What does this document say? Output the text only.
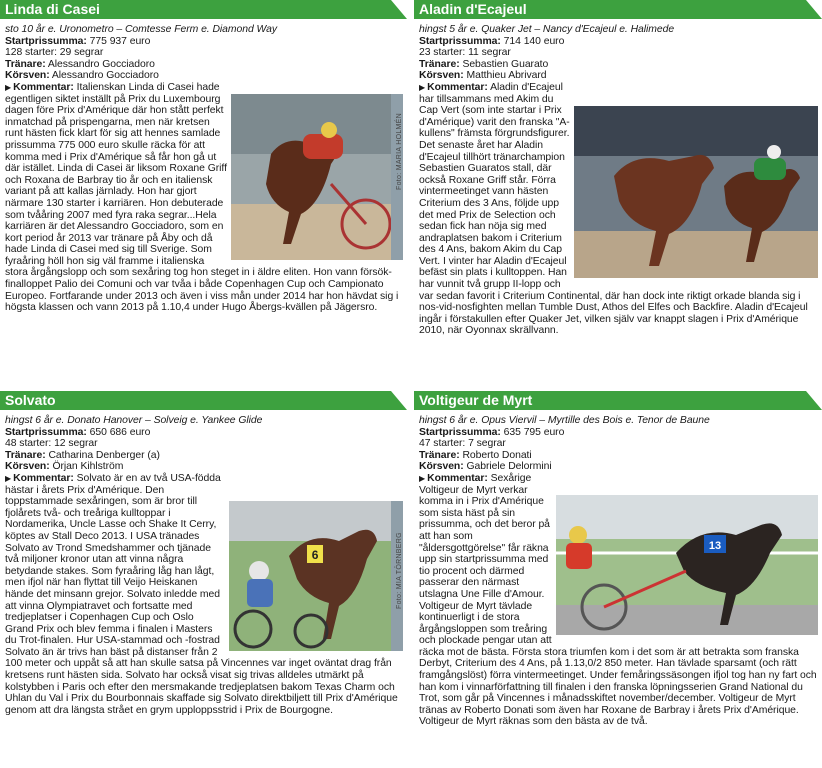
Linda di Casei

sto 10 år e. Uronometro – Comtesse Ferm e. Diamond Way

Startprissumma: 775 937 euro

128 starter: 29 segrar

Tränare: Alessandro Gocciadoro

Körsven: Alessandro Gocciadoro

Foto: MARIA HOLMÉN

▶ Kommentar: Italienskan Linda di Casei hade egentligen siktet inställt på Prix du Luxembourg dagen före Prix d'Amérique där hon stått perfekt inmatchad på prispengarna, men när kretsen runt hästen fick klart för sig att hennes samlade prissumma 775 000 euro skulle räcka för att komma med i Prix d'Amérique så får hon gå ut där istället. Linda di Casei är liksom Roxane Griff och Roxana de Barbray tio år och en italiensk variant på att kallas järnlady. Hon har gjort närmare 130 starter i karriären. Hon debuterade som tvååring 2007 med fyra raka segrar...Hela karriären är det Alessandro Gocciadoro, som en kort period år 2013 var tränare på Åby och då hade Linda di Casei med sig till Sverige. Som fyraåring höll hon sig väl framme i italienska stora årgångslopp och som sexåring tog hon steget in i äldre eliten. Hon vann försök-finalloppet Palio dei Comuni och var tvåa i både Copenhagen Cup och Campionato Europeo. Fortfarande under 2013 och även i viss mån under 2014 har hon hävdat sig i högsta klassen och vann 2013 på 1.10,4 under Hugo Åbergs-kvällen på Jägersro.

Aladin d'Ecajeul

hingst 5 år e. Quaker Jet – Nancy d'Ecajeul e. Halimede

Startprissumma: 714 140 euro

23 starter: 11 segrar

Tränare: Sebastien Guarato

Körsven: Matthieu Abrivard

▶ Kommentar: Aladin d'Ecajeul har tillsammans med Akim du Cap Vert (som inte startar i Prix d'Amérique) varit den franska "A-kullens" främsta förgrundsfigurer. Det senaste året har Aladin d'Ecajeul tillhört tränarchampion Sebastien Guaratos stall, där också Roxane Griff står. Förra vintermeetinget vann hästen Criterium des 3 Ans, följde upp det med Prix de Selection och sedan fick han nöja sig med andraplatsen bakom i Criterium des 4 Ans, bakom Akim du Cap Vert. I vinter har Aladin d'Ecajeul befäst sin plats i kulltoppen. Han har vunnit två grupp II-lopp och var sedan favorit i Criterium Continental, där han dock inte riktigt orkade blanda sig i nos-vid-nosfighten mellan Tumble Dust, Athos del Elfes och Backfire. Aladin d'Ecajeul ingår i förstakullen efter Quaker Jet, vilken själv var knappt slagen i Prix d'Amérique 2010, när Oyonnax skrällvann.

Solvato

hingst 6 år e. Donato Hanover – Solveig e. Yankee Glide

Startprissumma: 650 686 euro

48 starter: 12 segrar

Tränare: Catharina Denberger (a)

Körsven: Örjan Kihlström

6	Foto: MIA TÖRNBERG

▶ Kommentar: Solvato är en av två USA-födda hästar i årets Prix d'Amérique. Den toppstammade sexåringen, som är bror till fjolårets två- och treåriga kulltoppar i Nordamerika, Uncle Lasse och Shake It Cerry, köptes av Stall Deco 2013. I USA tränades Solvato av Trond Smedshammer och tjänade två miljoner kronor utan att vinna några betydande stakes. Som fyraåring låg han lågt, men ifjol när han flyttat till Veijo Heiskanen hände det minsann grejor. Solvato inledde med att vinna Olympiatravet och fortsatte med tredjeplatser i Copenhagen Cup och Oslo Grand Prix och blev femma i finalen i Masters du Trot-finalen. Hur USA-stammad och -fostrad Solvato än är trivs han bäst på distanser från 2 100 meter och uppåt så att han skulle satsa på Vincennes var inget oväntat drag från kretsens runt hästen sida. Solvato har också visat sig trivas alldeles utmärkt på kolstybben i Paris och efter den mersmakande tredjeplatsen bakom Texas Charm och Uhlan du Val i Prix du Bourbonnais skaffade sig Solvato direktbiljett till Prix d'Amérique genom att dra längsta strået en grym upploppsstrid i Prix de Bourgogne.

Voltigeur de Myrt

hingst 6 år e. Opus Viervil – Myrtille des Bois e. Tenor de Baune

Startprissumma: 635 795 euro

47 starter: 7 segrar

Tränare: Roberto Donati

Körsven: Gabriele Delormini

13

▶ Kommentar: Sexårige Voltigeur de Myrt verkar komma in i Prix d'Amérique som sista häst på sin prissumma, och det beror på att han som "åldersgottgörelse" får räkna upp sin startprissumma med tio procent och därmed passerar den närmast utslagna Une Fille d'Amour. Voltigeur de Myrt tävlade kontinuerligt i de stora årgångsloppen som treåring och plockade pengar utan att räcka mot de bästa. Första stora triumfen kom i det som är att betrakta som franska Derbyt, Criterium des 4 Ans, på 1.13,0/2 850 meter. Han tävlade sparsamt (och rätt framgångslöst) förra vintermeetinget. Under femåringssäsongen ifjol tog han ny fart och han kom i vinnarförfattning till finalen i den franska löpningsserien Grand National du Trot, som går på Vincennes i månadsskiftet november/december. Voltigeur de Myrt tränas av Roberto Donati som även har Roxane de Barbray i årets Prix d'Amérique. Voltigeur de Myrt räknas som den bästa av de två.
